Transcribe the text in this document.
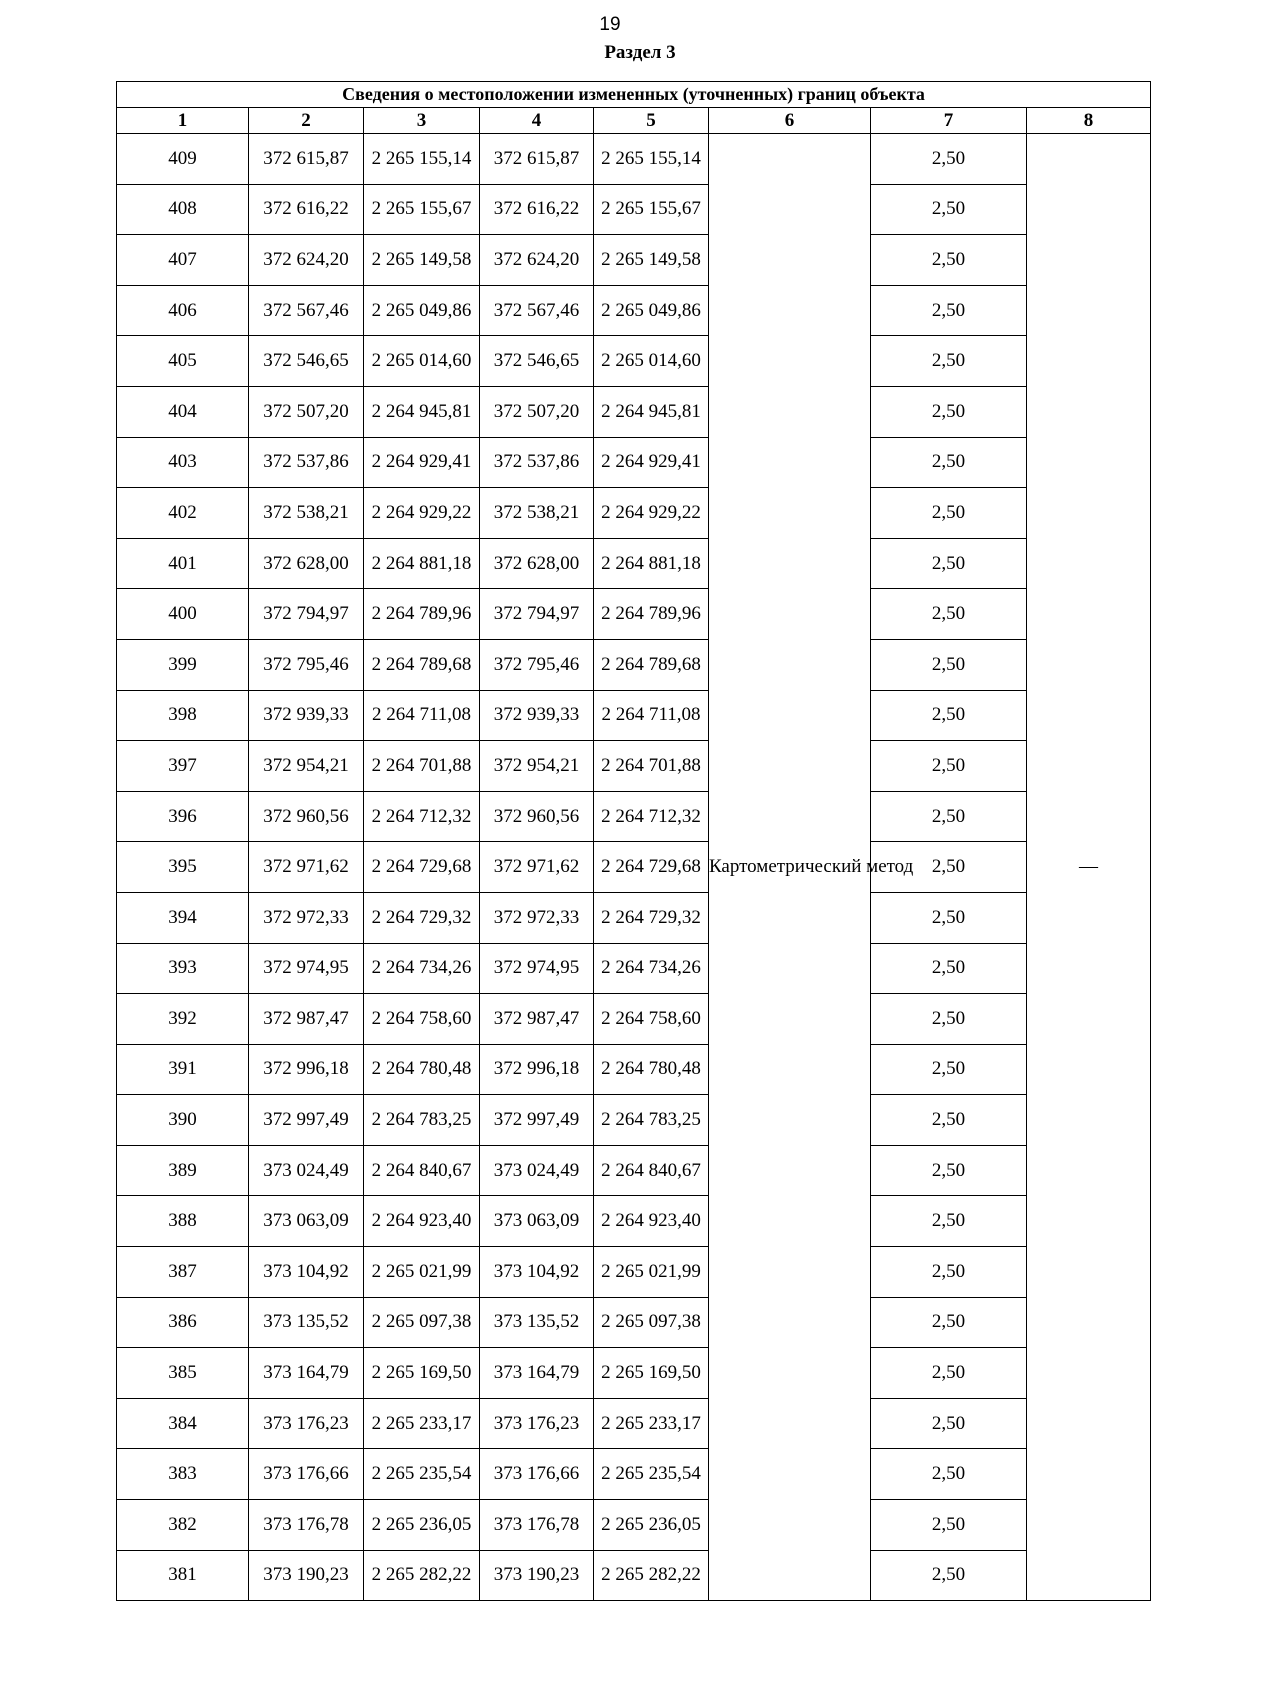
19
Раздел 3
Сведения о местоположении измененных (уточненных) границ объекта							
1	2	3	4	5	6	7	8
409	372 615,87	2 265 155,14	372 615,87	2 265 155,14	Картометрический метод	2,50	—
408	372 616,22	2 265 155,67	372 616,22	2 265 155,67		2,50	
407	372 624,20	2 265 149,58	372 624,20	2 265 149,58		2,50	
406	372 567,46	2 265 049,86	372 567,46	2 265 049,86		2,50	
405	372 546,65	2 265 014,60	372 546,65	2 265 014,60		2,50	
404	372 507,20	2 264 945,81	372 507,20	2 264 945,81		2,50	
403	372 537,86	2 264 929,41	372 537,86	2 264 929,41		2,50	
402	372 538,21	2 264 929,22	372 538,21	2 264 929,22		2,50	
401	372 628,00	2 264 881,18	372 628,00	2 264 881,18		2,50	
400	372 794,97	2 264 789,96	372 794,97	2 264 789,96		2,50	
399	372 795,46	2 264 789,68	372 795,46	2 264 789,68		2,50	
398	372 939,33	2 264 711,08	372 939,33	2 264 711,08		2,50	
397	372 954,21	2 264 701,88	372 954,21	2 264 701,88		2,50	
396	372 960,56	2 264 712,32	372 960,56	2 264 712,32		2,50	
395	372 971,62	2 264 729,68	372 971,62	2 264 729,68		2,50	
394	372 972,33	2 264 729,32	372 972,33	2 264 729,32		2,50	
393	372 974,95	2 264 734,26	372 974,95	2 264 734,26		2,50	
392	372 987,47	2 264 758,60	372 987,47	2 264 758,60		2,50	
391	372 996,18	2 264 780,48	372 996,18	2 264 780,48		2,50	
390	372 997,49	2 264 783,25	372 997,49	2 264 783,25		2,50	
389	373 024,49	2 264 840,67	373 024,49	2 264 840,67		2,50	
388	373 063,09	2 264 923,40	373 063,09	2 264 923,40		2,50	
387	373 104,92	2 265 021,99	373 104,92	2 265 021,99		2,50	
386	373 135,52	2 265 097,38	373 135,52	2 265 097,38		2,50	
385	373 164,79	2 265 169,50	373 164,79	2 265 169,50		2,50	
384	373 176,23	2 265 233,17	373 176,23	2 265 233,17		2,50	
383	373 176,66	2 265 235,54	373 176,66	2 265 235,54		2,50	
382	373 176,78	2 265 236,05	373 176,78	2 265 236,05		2,50	
381	373 190,23	2 265 282,22	373 190,23	2 265 282,22		2,50	
